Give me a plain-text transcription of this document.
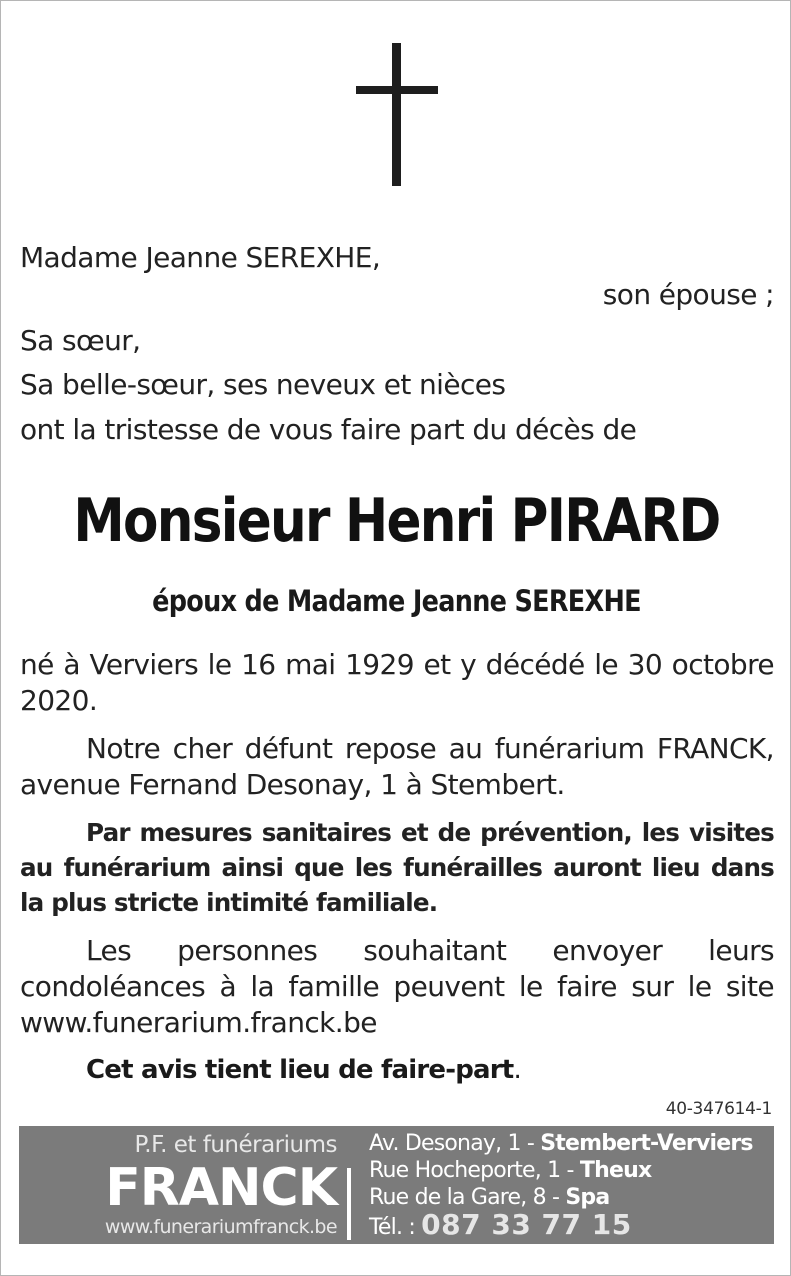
Madame Jeanne SEREXHE,
son épouse ;
Sa sœur,
Sa belle-sœur, ses neveux et nièces
ont la tristesse de vous faire part du décès de
Monsieur Henri PIRARD
époux de Madame Jeanne SEREXHE
né à Verviers le 16 mai 1929 et y décédé le 30 octobre 2020.
Notre cher défunt repose au funérarium FRANCK, avenue Fernand Desonay, 1 à Stembert.
Par mesures sanitaires et de prévention, les visites au funérarium ainsi que les funérailles auront lieu dans la plus stricte intimité familiale.
Les personnes souhaitant envoyer leurs condoléances à la famille peuvent le faire sur le site www.funerarium.franck.be
Cet avis tient lieu de faire-part.
40-347614-1
P.F. et funérariums
FRANCK
www.funerariumfranck.be
Av. Desonay, 1 - Stembert-Verviers
Rue Hocheporte, 1 - Theux
Rue de la Gare, 8 - Spa
Tél. : 087 33 77 15
